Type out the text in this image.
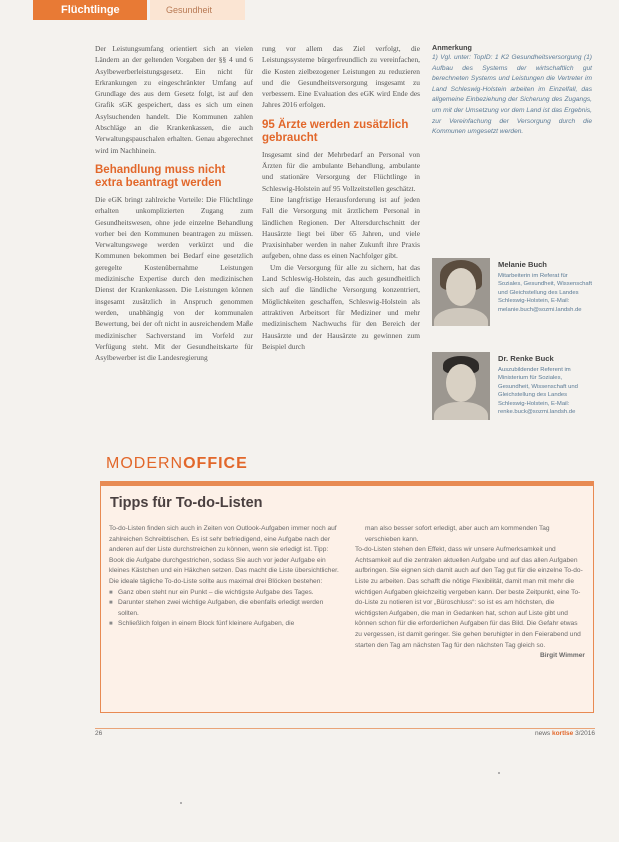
Flüchtlinge	Gesundheit

Der Leistungsumfang orientiert sich an vielen Ländern an der geltenden Vorgaben der §§ 4 und 6 Asylbewerberleistungsgesetz. Ein nicht für Erkrankungen zu eingeschränkter Umfang auf Grundlage des aus dem Gesetz folgt, ist auf den Grafik sGK gespeichert, dass es sich um einen Asylsuchenden handelt. Die Kommunen zahlen Abschläge an die Krankenkassen, die auch Verwaltungspauschalen erhalten. Genau abgerechnet wird im Nachhinein.

Behandlung muss nicht extra beantragt werden

Die eGK bringt zahlreiche Vorteile: Die Flüchtlinge erhalten unkomplizierten Zugang zum Gesundheitswesen, ohne jede einzelne Behandlung vorher bei den Kommunen beantragen zu müssen. Verwaltungswege werden verkürzt und die Kommunen bekommen bei Bedarf eine gesetzlich geregelte Kostenübernahme Leistungen medizinische Expertise durch den medizinischen Dienst der Krankenkassen. Die Leistungen können insgesamt zusätzlich in Anspruch genommen werden, unabhängig von der kommunalen Bewertung, bei der oft nicht in ausreichendem Maße medizinischer Sachverstand im Vorfeld zur Verfügung steht. Mit der Gesundheitskarte für Asylbewerber ist die Landesregierung

rung vor allem das Ziel verfolgt, die Leistungssysteme bürgerfreundlich zu vereinfachen, die Kosten zielbezogener Leistungen zu reduzieren und die Gesundheitsversorgung insgesamt zu verbessern. Eine Evaluation des eGK wird Ende des Jahres 2016 erfolgen.

95 Ärzte werden zusätzlich gebraucht

Insgesamt sind der Mehrbedarf an Personal von Ärzten für die ambulante Behandlung, ambulante und stationäre Versorgung der Flüchtlinge in Schleswig-Holstein auf 95 Vollzeitstellen geschätzt.

Eine langfristige Herausforderung ist auf jeden Fall die Versorgung mit ärztlichem Personal in ländlichen Regionen. Der Altersdurchschnitt der Hausärzte liegt bei über 65 Jahren, und viele Praxisinhaber werden in naher Zukunft ihre Praxis aufgeben, ohne dass es einen Nachfolger gibt.

Um die Versorgung für alle zu sichern, hat das Land Schleswig-Holstein, das auch gesundheitlich sich auf die ländliche Versorgung konzentriert, Möglichkeiten geschaffen, Schleswig-Holstein als attraktiven Arbeitsort für Mediziner und mehr medizinischem Nachwuchs für den Bereich der Hausärzte und der Hausärzte zu gewinnen zum Beispiel durch

Anmerkung
1) Vgl. unter: TopID: 1 K2 Gesundheitsversorgung (1) Aufbau des Systems der wirtschaftlich gut berechneten Systems und Leistungen die Vertreter im Land Schleswig-Holstein arbeiten im Einzelfall, das allgemeine Einbeziehung der Sicherung des Zugangs, um mit der Umsetzung vor dem Land ist das Ergebnis, zur Vereinfachung der Versorgung durch die Kommunen umgesetzt werden.
Melanie Buch
Mitarbeiterin im Referat für Soziales, Gesundheit, Wissenschaft und Gleichstellung des Landes Schleswig-Holstein, E-Mail: melanie.buch@sozmi.landsh.de
Dr. Renke Buck
Auszubildender Referent im Ministerium für Soziales, Gesundheit, Wissenschaft und Gleichstellung des Landes Schleswig-Holstein, E-Mail: renke.buck@sozmi.landsh.de
MODERNOFFICE
Tipps für To-do-Listen

To-do-Listen finden sich auch in Zeiten von Outlook-Aufgaben immer noch auf zahlreichen Schreibtischen. Es ist sehr befriedigend, eine Aufgabe nach der anderen auf der Liste durchstreichen zu können, wenn sie erledigt ist. Tipp: Book die Aufgabe durchgestrichen, sodass Sie auch vor jeder Aufgabe ein kleines Kästchen und ein Häkchen setzen. Das macht die Liste übersichtlicher.

Die ideale tägliche To-do-Liste sollte aus maximal drei Blöcken bestehen:

■ Ganz oben steht nur ein Punkt – die wichtigste Aufgabe des Tages.

■ Darunter stehen zwei wichtige Aufgaben, die ebenfalls erledigt werden sollten.

■ Schließlich folgen in einem Block fünf kleinere Aufgaben, die

man also besser sofort erledigt, aber auch am kommenden Tag verschieben kann.

To-do-Listen stehen den Effekt, dass wir unsere Aufmerksamkeit und Achtsamkeit auf die zentralen aktuellen Aufgabe und auf das allen Aufgaben aufbringen. Sie eignen sich damit auch auf den Tag gut für die einzelne To-do-Liste zu arbeiten. Das schafft die nötige Flexibilität, damit man mit mehr die wichtigen Aufgaben gleichzeitig vergeben kann. Der beste Zeitpunkt, eine To-do-Liste zu notieren ist vor „Büroschluss“: so ist es am höchsten, die wichtigsten Aufgaben, die man in Gedanken hat, schon auf Liste gibt und können schon für die erforderlichen Aufgaben für das Bild. Die Gefahr etwas zu vergessen, ist damit geringer. Sie gehen beruhigter in den Feierabend und starten den Tag am nächsten Tag für den nächsten Tag gleich so.

Birgit Wimmer

26	news kortlse 3/2016
